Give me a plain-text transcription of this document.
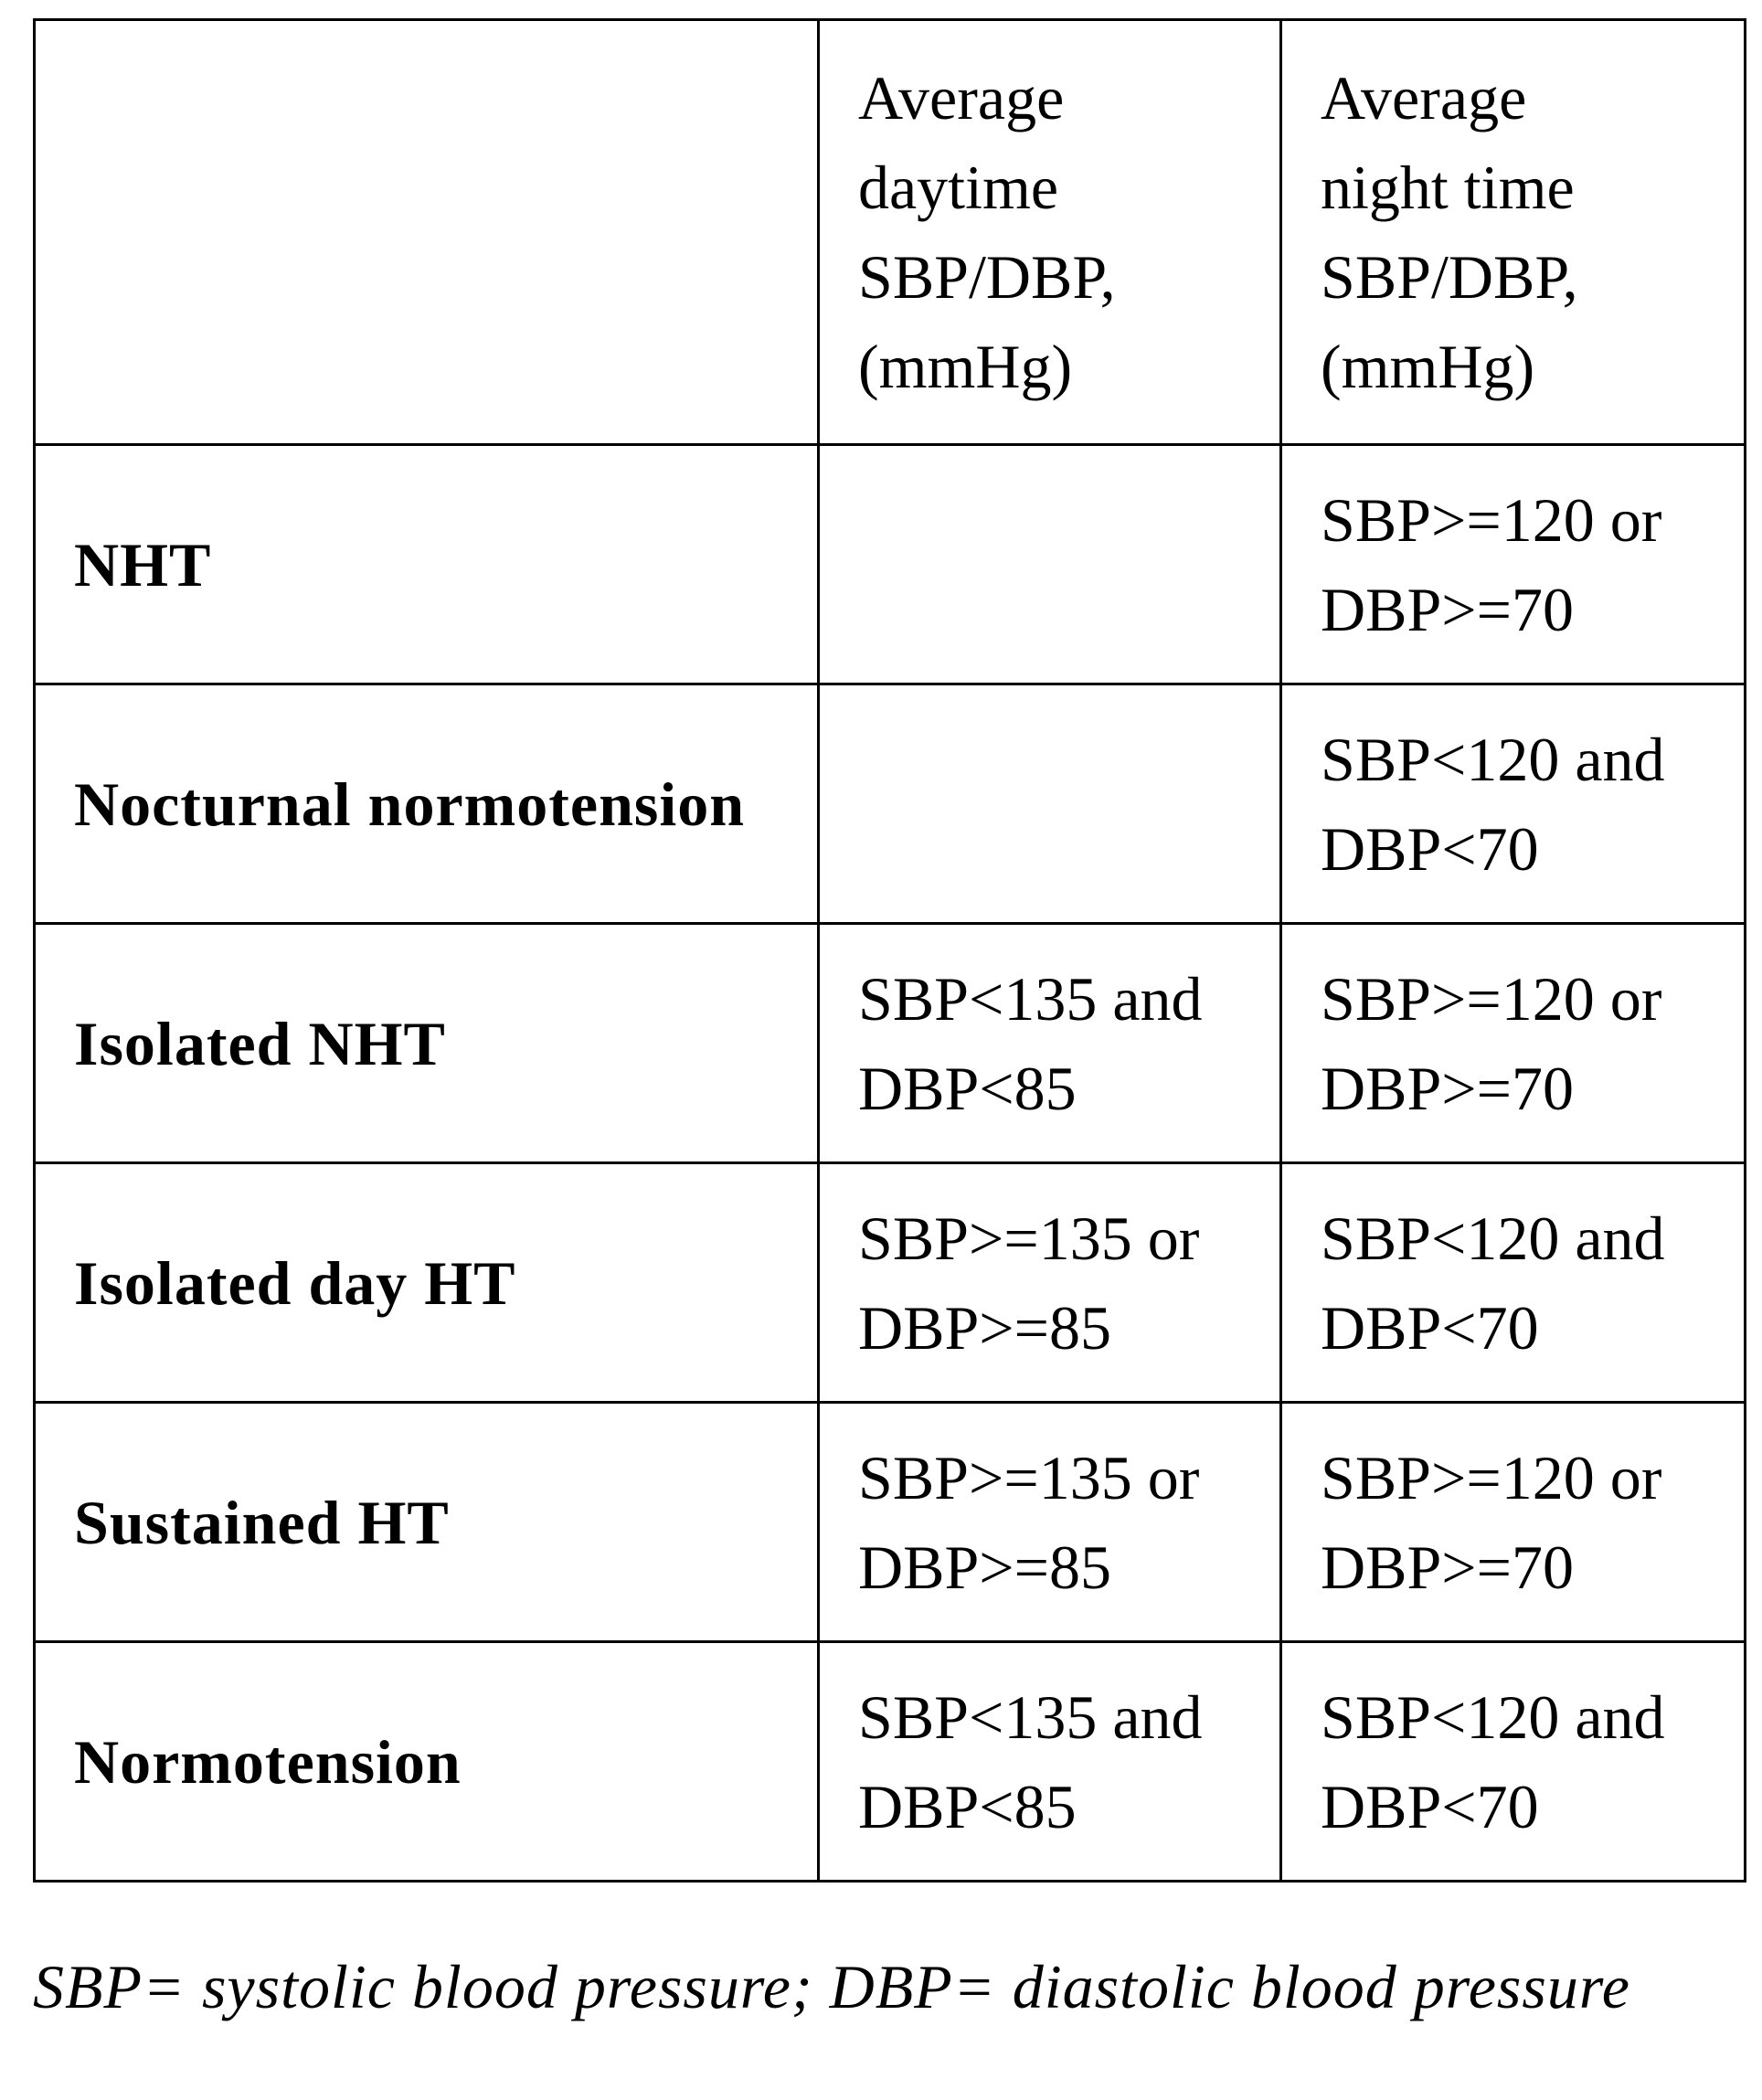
	Average
daytime
SBP/DBP,
(mmHg)	Average
night time
SBP/DBP,
(mmHg)

NHT		SBP>=120 or
DBP>=70

Nocturnal normotension		SBP<120 and
DBP<70

Isolated NHT	SBP<135 and
DBP<85	SBP>=120 or
DBP>=70

Isolated day HT	SBP>=135 or
DBP>=85	SBP<120 and
DBP<70

Sustained HT	SBP>=135 or
DBP>=85	SBP>=120 or
DBP>=70

Normotension	SBP<135 and
DBP<85	SBP<120 and
DBP<70
SBP= systolic blood pressure; DBP= diastolic blood pressure
